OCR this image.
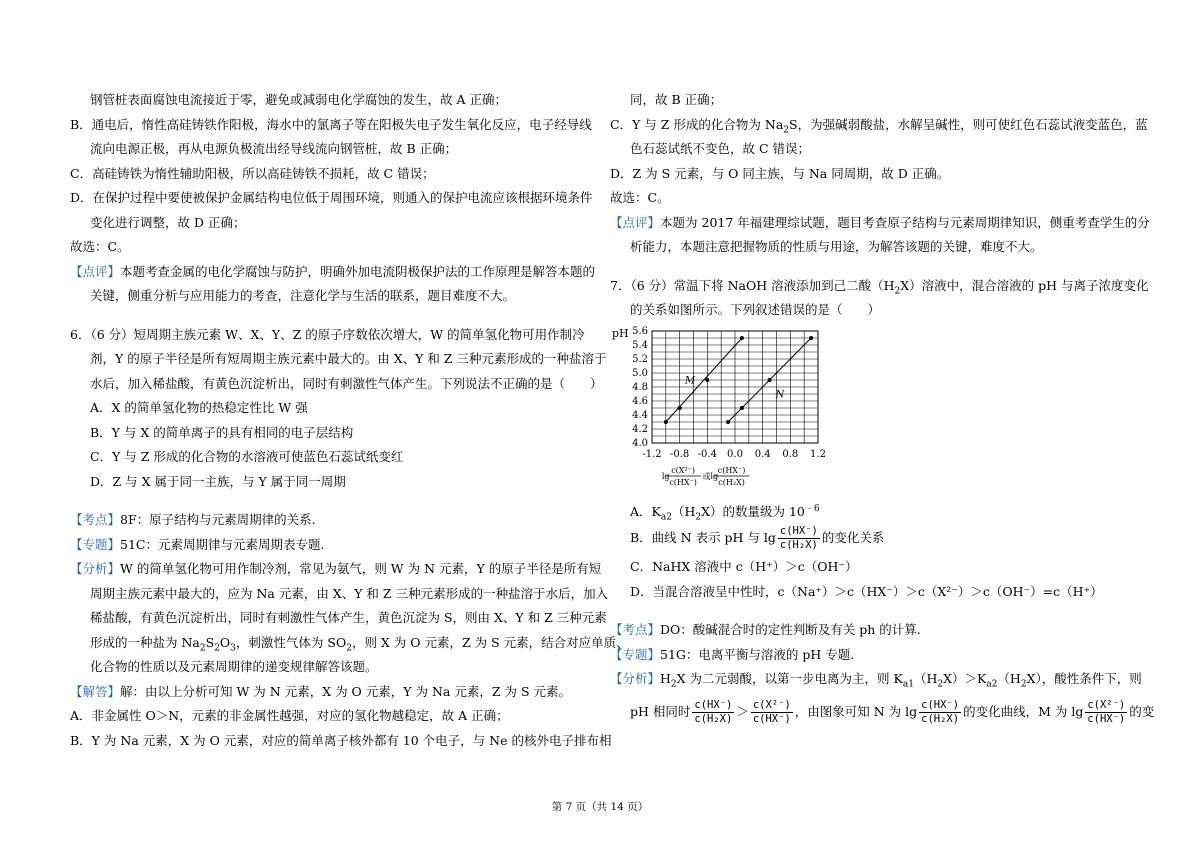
钢管桩表面腐蚀电流接近于零，避免或减弱电化学腐蚀的发生，故 A 正确；
B．通电后，惰性高硅铸铁作阳极，海水中的氯离子等在阳极失电子发生氧化反应，电子经导线
流向电源正极，再从电源负极流出经导线流向钢管桩，故 B 正确；
C．高硅铸铁为惰性辅助阳极，所以高硅铸铁不损耗，故 C 错误；
D．在保护过程中要使被保护金属结构电位低于周围环境，则通入的保护电流应该根据环境条件
变化进行调整，故 D 正确；
故选：C。
【点评】本题考查金属的电化学腐蚀与防护，明确外加电流阴极保护法的工作原理是解答本题的
关键，侧重分析与应用能力的考查，注意化学与生活的联系，题目难度不大。
6．（6 分）短周期主族元素 W、X、Y、Z 的原子序数依次增大，W 的简单氢化物可用作制冷
剂，Y 的原子半径是所有短周期主族元素中最大的。由 X、Y 和 Z 三种元素形成的一种盐溶于
水后，加入稀盐酸，有黄色沉淀析出，同时有刺激性气体产生。下列说法不正确的是（　　）
A．X 的简单氢化物的热稳定性比 W 强
B．Y 与 X 的简单离子的具有相同的电子层结构
C．Y 与 Z 形成的化合物的水溶液可使蓝色石蕊试纸变红
D．Z 与 X 属于同一主族，与 Y 属于同一周期
【考点】8F：原子结构与元素周期律的关系.
【专题】51C：元素周期律与元素周期表专题.
【分析】W 的简单氢化物可用作制冷剂，常见为氨气，则 W 为 N 元素，Y 的原子半径是所有短
周期主族元素中最大的，应为 Na 元素，由 X、Y 和 Z 三种元素形成的一种盐溶于水后，加入
稀盐酸，有黄色沉淀析出，同时有刺激性气体产生，黄色沉淀为 S，则由 X、Y 和 Z 三种元素
形成的一种盐为 $Na_2S_2O_3$，刺激性气体为 $SO_2$，则 X 为 O 元素，Z 为 S 元素，结合对应单质、
化合物的性质以及元素周期律的递变规律解答该题。
【解答】解：由以上分析可知 W 为 N 元素，X 为 O 元素，Y 为 Na 元素，Z 为 S 元素。
A．非金属性 O＞N，元素的非金属性越强，对应的氢化物越稳定，故 A 正确；
B．Y 为 Na 元素，X 为 O 元素，对应的简单离子核外都有 10 个电子，与 Ne 的核外电子排布相
同，故 B 正确；
C．Y 与 Z 形成的化合物为 $Na_2S$，为强碱弱酸盐，水解呈碱性，则可使红色石蕊试液变蓝色，蓝
色石蕊试纸不变色，故 C 错误；
D．Z 为 S 元素，与 O 同主族，与 Na 同周期，故 D 正确。
故选：C。
【点评】本题为 2017 年福建理综试题，题目考查原子结构与元素周期律知识，侧重考查学生的分
析能力，本题注意把握物质的性质与用途，为解答该题的关键，难度不大。
7．（6 分）常温下将 NaOH 溶液添加到己二酸$(H_2X)$溶液中，混合溶液的 pH 与离子浓度变化
的关系如图所示。下列叙述错误的是（　　）
4.0
4.2
4.4
4.6
4.8
5.0
5.2
5.4
5.6
pH
-1.2 -0.8 -0.4 0.0 0.4 0.8 1.2
M
N
lg
c(X²⁻)
c(HX⁻)
或lg
c(HX⁻)
c(H₂X)
A．$K_{a2}(H_2X)$的数量级为 $10^{﹣6}$
B．曲线 N 表示 pH 与 $\lg \frac{c(HX^-)}{\text{c(H₂X)}}$ 的变化关系
C．NaHX 溶液中 c（H⁺）＞c（OH⁻）
D．当混合溶液呈中性时，c（Na⁺）＞c（HX⁻）＞c（X²⁻）＞c（OH⁻）=c（H⁺）
【考点】DO：酸碱混合时的定性判断及有关 ph 的计算.
【专题】51G：电离平衡与溶液的 pH 专题.
【分析】$H_2X$ 为二元弱酸，以第一步电离为主，则 $K_{a1}(H_2X)>K_{a2}(H_2X)$，酸性条件下，则
pH 相同时 $\frac{c(HX^-)}{\text{c(H₂X)}} > \frac{\text{c(X²⁻)}}{c(HX^-)}$ ，由图象可知 N 为 $\lg \frac{c(HX^-)}{\text{c(H₂X)}}$ 的变化曲线，M 为 $\lg \frac{\text{c(X²⁻)}}{c(HX^-)}$ 的变
第 7 页（共 14 页）
